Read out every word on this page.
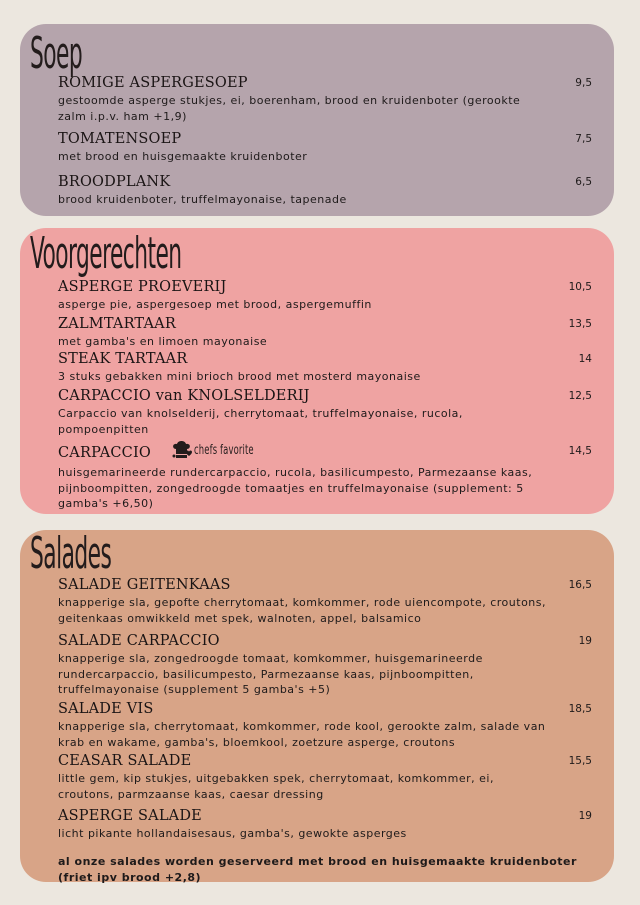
Soep
ROMIGE ASPERGESOEP	9,5
gestoomde asperge stukjes, ei, boerenham, brood en kruidenboter (gerookte zalm i.p.v. ham +1,9)
TOMATENSOEP	7,5
met brood en huisgemaakte kruidenboter
BROODPLANK	6,5
brood kruidenboter, truffelmayonaise, tapenade
Voorgerechten
ASPERGE PROEVERIJ	10,5
asperge pie, aspergesoep met brood, aspergemuffin
ZALMTARTAAR	13,5
met gamba's en limoen mayonaise
STEAK TARTAAR	14
3 stuks gebakken mini brioch brood met mosterd mayonaise
CARPACCIO van KNOLSELDERIJ	12,5
Carpaccio van knolselderij, cherrytomaat, truffelmayonaise, rucola, pompoenpitten
CARPACCIO	chefs favorite	14,5
huisgemarineerde rundercarpaccio, rucola, basilicumpesto, Parmezaanse kaas, pijnboompitten, zongedroogde tomaatjes en truffelmayonaise (supplement: 5 gamba's +6,50)
Salades
SALADE GEITENKAAS	16,5
knapperige sla, gepofte cherrytomaat, komkommer, rode uiencompote, croutons, geitenkaas omwikkeld met spek, walnoten, appel, balsamico
SALADE CARPACCIO	19
knapperige sla, zongedroogde tomaat, komkommer, huisgemarineerde rundercarpaccio, basilicumpesto, Parmezaanse kaas, pijnboompitten, truffelmayonaise (supplement 5 gamba's +5)
SALADE VIS	18,5
knapperige sla, cherrytomaat, komkommer, rode kool, gerookte zalm, salade van krab en wakame, gamba's, bloemkool, zoetzure asperge, croutons
CEASAR SALADE	15,5
little gem, kip stukjes, uitgebakken spek, cherrytomaat, komkommer, ei, croutons, parmzaanse kaas, caesar dressing
ASPERGE SALADE	19
licht pikante hollandaisesaus, gamba's, gewokte asperges
al onze salades worden geserveerd met brood en huisgemaakte kruidenboter (friet ipv brood +2,8)
